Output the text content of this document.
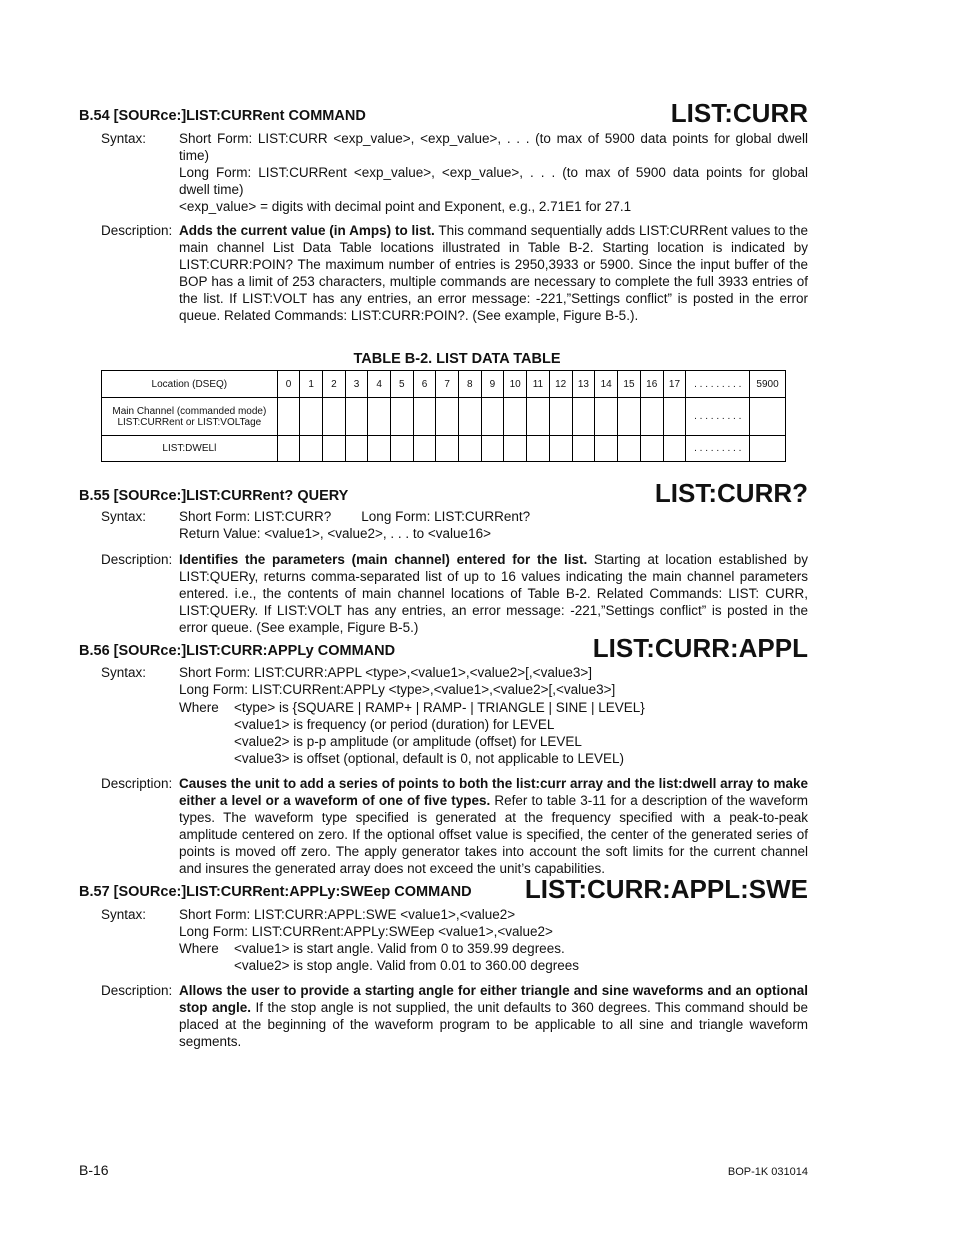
B.54 [SOURce:]LIST:CURRent COMMAND	LIST:CURR
Syntax: Short Form: LIST:CURR <exp_value>, <exp_value>, . . . (to max of 5900 data points for global dwell
time)
Long Form: LIST:CURRent <exp_value>, <exp_value>, . . . (to max of 5900 data points for global
dwell time)
<exp_value> = digits with decimal point and Exponent, e.g., 2.71E1 for 27.1
Description: Adds the current value (in Amps) to list. This command sequentially adds LIST:CURRent values to the main channel List Data Table locations illustrated in Table B-2. Starting location is indicated by LIST:CURR:POIN? The maximum number of entries is 2950,3933 or 5900. Since the input buffer of the BOP has a limit of 253 characters, multiple commands are necessary to complete the full 3933 entries of the list. If LIST:VOLT has any entries, an error message: -221,”Settings conflict” is posted in the error queue. Related Commands: LIST:CURR:POIN?. (See example, Figure B-5.).
TABLE B-2. LIST DATA TABLE
Location (DSEQ)	0	1	2	3	4	5	6	7	8	9	10	11	12	13	14	15	16	17	. . . . . . . . .	5900

Main Channel (commanded mode)
LIST:CURRent or LIST:VOLTage																			. . . . . . . . .	
LIST:DWELl																			. . . . . . . . .	
B.55 [SOURce:]LIST:CURRent? QUERY	LIST:CURR?
Syntax: Short Form: LIST:CURR?        Long Form: LIST:CURRent?
Return Value: <value1>, <value2>, . . . to <value16>
Description: Identifies the parameters (main channel) entered for the list. Starting at location established by LIST:QUERy, returns comma-separated list of up to 16 values indicating the main channel parameters entered. i.e., the contents of main channel locations of Table B-2. Related Commands: LIST: CURR, LIST:QUERy. If LIST:VOLT has any entries, an error message: -221,”Settings conflict” is posted in the error queue. (See example, Figure B-5.)
B.56 [SOURce:]LIST:CURR:APPLy COMMAND	LIST:CURR:APPL
Syntax: Short Form: LIST:CURR:APPL <type>,<value1>,<value2>[,<value3>]
Long Form: LIST:CURRent:APPLy <type>,<value1>,<value2>[,<value3>]
Where <type> is {SQUARE | RAMP+ | RAMP- | TRIANGLE | SINE | LEVEL}
<value1> is frequency (or period (duration) for LEVEL
<value2> is p-p amplitude (or amplitude (offset) for LEVEL
<value3> is offset (optional, default is 0, not applicable to LEVEL)
Description: Causes the unit to add a series of points to both the list:curr array and the list:dwell array to make either a level or a waveform of one of five types. Refer to table 3-11 for a description of the waveform types. The waveform type specified is generated at the frequency specified with a peak-to-peak amplitude centered on zero. If the optional offset value is specified, the center of the generated series of points is moved off zero. The apply generator takes into account the soft limits for the current channel and insures the generated array does not exceed the unit’s capabilities.
B.57 [SOURce:]LIST:CURRent:APPLy:SWEep COMMAND LIST:CURR:APPL:SWE
Syntax: Short Form: LIST:CURR:APPL:SWE <value1>,<value2>
Long Form: LIST:CURRent:APPLy:SWEep <value1>,<value2>
Where <value1> is start angle. Valid from 0 to 359.99 degrees.
<value2> is stop angle. Valid from 0.01 to 360.00 degrees
Description: Allows the user to provide a starting angle for either triangle and sine waveforms and an optional stop angle. If the stop angle is not supplied, the unit defaults to 360 degrees. This command should be placed at the beginning of the waveform program to be applicable to all sine and triangle waveform segments.
B-16	BOP-1K 031014
